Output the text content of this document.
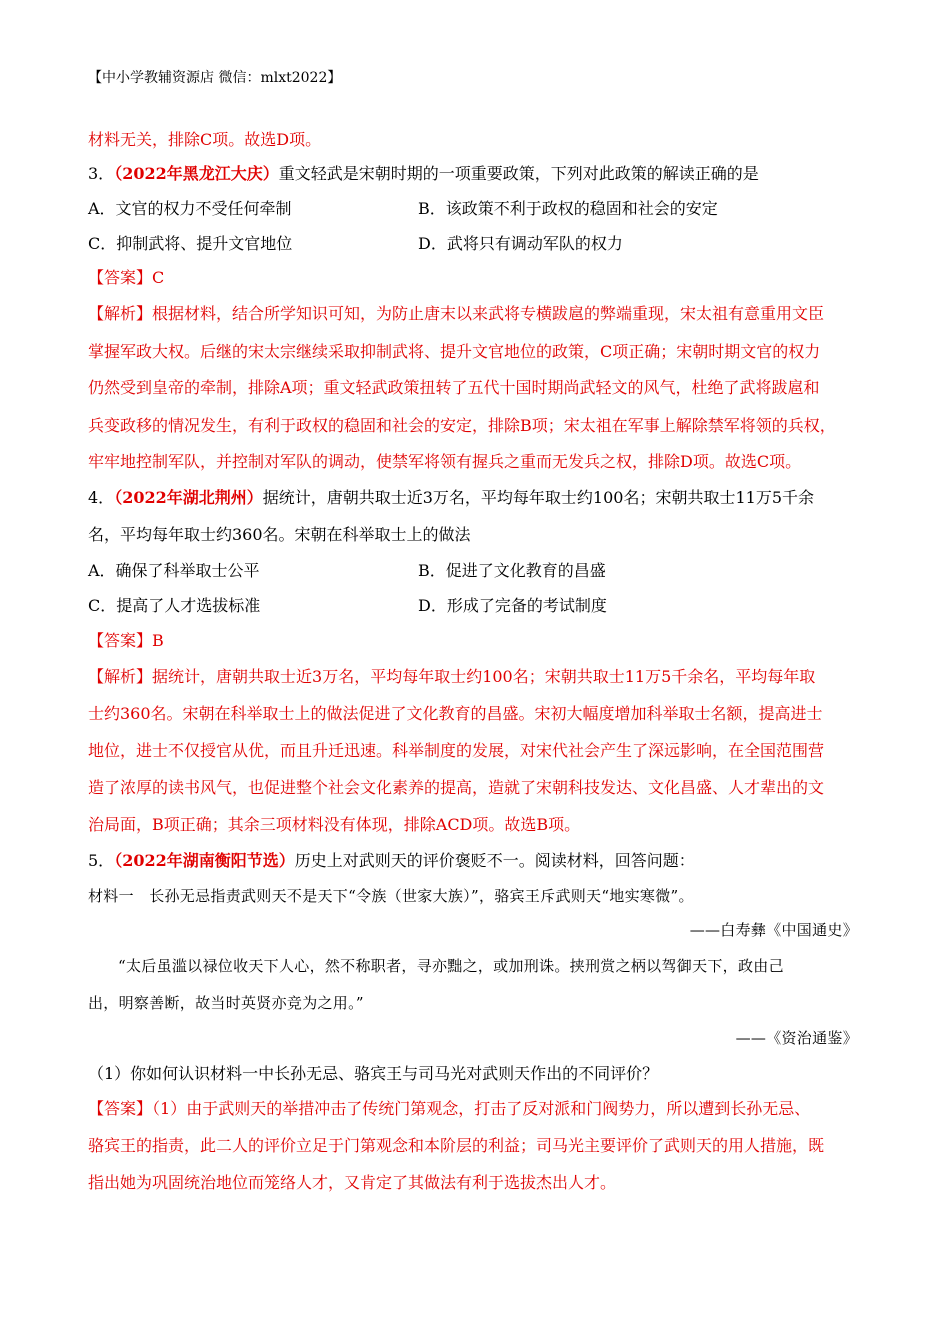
【中小学教辅资源店 微信：mlxt2022】
材料无关，排除C项。故选D项。
3．（2022年黑龙江大庆）重文轻武是宋朝时期的一项重要政策，下列对此政策的解读正确的是
A．文官的权力不受任何牵制	B．该政策不利于政权的稳固和社会的安定
C．抑制武将、提升文官地位	D．武将只有调动军队的权力
【答案】C
【解析】根据材料，结合所学知识可知，为防止唐末以来武将专横跋扈的弊端重现，宋太祖有意重用文臣
掌握军政大权。后继的宋太宗继续采取抑制武将、提升文官地位的政策，C项正确；宋朝时期文官的权力
仍然受到皇帝的牵制，排除A项；重文轻武政策扭转了五代十国时期尚武轻文的风气，杜绝了武将跋扈和
兵变政移的情况发生，有利于政权的稳固和社会的安定，排除B项；宋太祖在军事上解除禁军将领的兵权，
牢牢地控制军队，并控制对军队的调动，使禁军将领有握兵之重而无发兵之权，排除D项。故选C项。
4．（2022年湖北荆州）据统计，唐朝共取士近3万名，平均每年取士约100名；宋朝共取士11万5千余
名，平均每年取士约360名。宋朝在科举取士上的做法
A．确保了科举取士公平	B．促进了文化教育的昌盛
C．提高了人才选拔标准	D．形成了完备的考试制度
【答案】B
【解析】据统计，唐朝共取士近3万名，平均每年取士约100名；宋朝共取士11万5千余名，平均每年取
士约360名。宋朝在科举取士上的做法促进了文化教育的昌盛。宋初大幅度增加科举取士名额，提高进士
地位，进士不仅授官从优，而且升迁迅速。科举制度的发展，对宋代社会产生了深远影响，在全国范围营
造了浓厚的读书风气，也促进整个社会文化素养的提高，造就了宋朝科技发达、文化昌盛、人才辈出的文
治局面，B项正确；其余三项材料没有体现，排除ACD项。故选B项。
5．（2022年湖南衡阳节选）历史上对武则天的评价褒贬不一。阅读材料，回答问题：
材料一　长孙无忌指责武则天不是天下“令族（世家大族）”，骆宾王斥武则天“地实寒微”。
——白寿彝《中国通史》
“太后虽滥以禄位收天下人心，然不称职者，寻亦黜之，或加刑诛。挟刑赏之柄以驾御天下，政由己
出，明察善断，故当时英贤亦竞为之用。”
——《资治通鉴》
（1）你如何认识材料一中长孙无忌、骆宾王与司马光对武则天作出的不同评价？
【答案】（1）由于武则天的举措冲击了传统门第观念，打击了反对派和门阀势力，所以遭到长孙无忌、
骆宾王的指责，此二人的评价立足于门第观念和本阶层的利益；司马光主要评价了武则天的用人措施，既
指出她为巩固统治地位而笼络人才，又肯定了其做法有利于选拔杰出人才。
